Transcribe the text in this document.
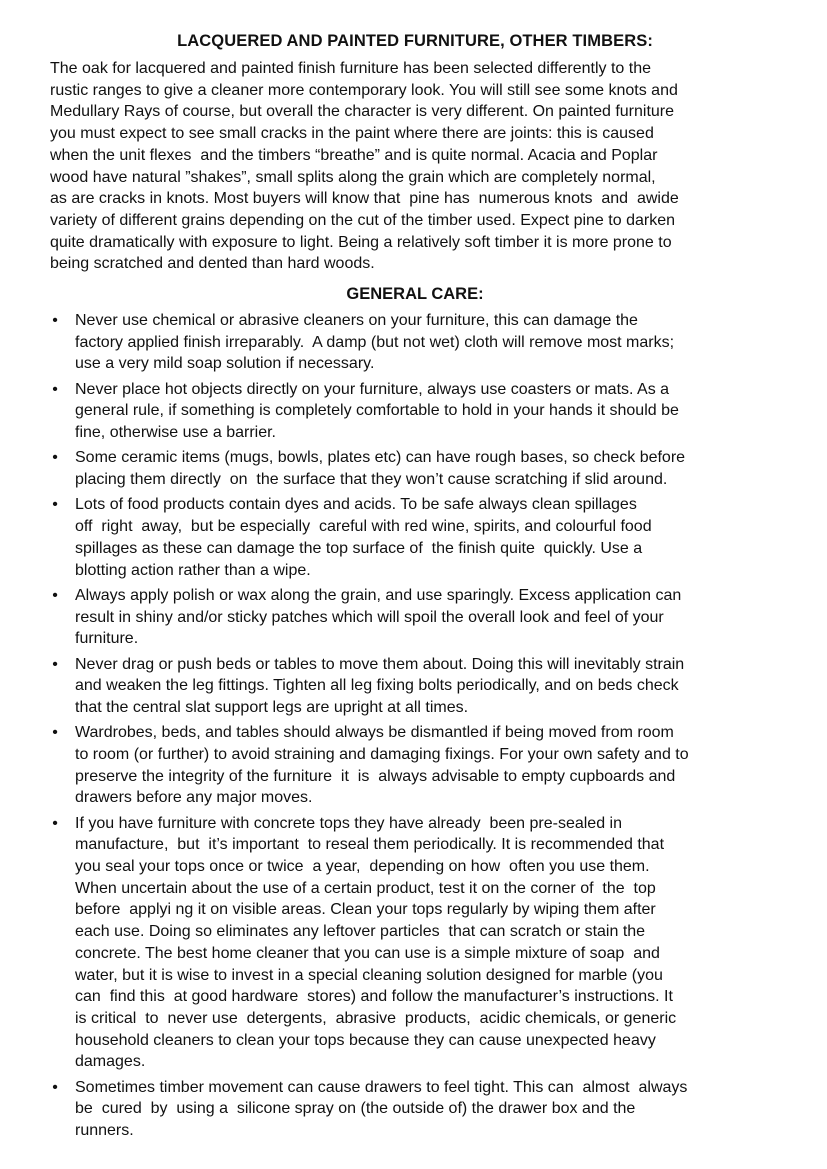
LACQUERED AND PAINTED FURNITURE, OTHER TIMBERS:

The oak for lacquered and painted finish furniture has been selected differently to the
rustic ranges to give a cleaner more contemporary look. You will still see some knots and
Medullary Rays of course, but overall the character is very different. On painted furniture
you must expect to see small cracks in the paint where there are joints: this is caused
when the unit flexes  and the timbers “breathe” and is quite normal. Acacia and Poplar
wood have natural ”shakes”, small splits along the grain which are completely normal,
as are cracks in knots. Most buyers will know that  pine has  numerous knots  and  awide
variety of different grains depending on the cut of the timber used. Expect pine to darken
quite dramatically with exposure to light. Being a relatively soft timber it is more prone to
being scratched and dented than hard woods.

GENERAL CARE:
• Never use chemical or abrasive cleaners on your furniture, this can damage the
factory applied finish irreparably.  A damp (but not wet) cloth will remove most marks;
use a very mild soap solution if necessary.
• Never place hot objects directly on your furniture, always use coasters or mats. As a
general rule, if something is completely comfortable to hold in your hands it should be
fine, otherwise use a barrier.
• Some ceramic items (mugs, bowls, plates etc) can have rough bases, so check before
placing them directly  on  the surface that they won’t cause scratching if slid around.
• Lots of food products contain dyes and acids. To be safe always clean spillages
off  right  away,  but be especially  careful with red wine, spirits, and colourful food
spillages as these can damage the top surface of  the finish quite  quickly. Use a
blotting action rather than a wipe.
• Always apply polish or wax along the grain, and use sparingly. Excess application can
result in shiny and/or sticky patches which will spoil the overall look and feel of your
furniture.
• Never drag or push beds or tables to move them about. Doing this will inevitably strain
and weaken the leg fittings. Tighten all leg fixing bolts periodically, and on beds check
that the central slat support legs are upright at all times.
• Wardrobes, beds, and tables should always be dismantled if being moved from room
to room (or further) to avoid straining and damaging fixings. For your own safety and to
preserve the integrity of the furniture  it  is  always advisable to empty cupboards and
drawers before any major moves.
• If you have furniture with concrete tops they have already  been pre-sealed in
manufacture,  but  it’s important  to reseal them periodically. It is recommended that
you seal your tops once or twice  a year,  depending on how  often you use them.
When uncertain about the use of a certain product, test it on the corner of  the  top
before  applyi ng it on visible areas. Clean your tops regularly by wiping them after
each use. Doing so eliminates any leftover particles  that can scratch or stain the
concrete. The best home cleaner that you can use is a simple mixture of soap  and
water, but it is wise to invest in a special cleaning solution designed for marble (you
can  find this  at good hardware  stores) and follow the manufacturer’s instructions. It
is critical  to  never use  detergents,  abrasive  products,  acidic chemicals, or generic
household cleaners to clean your tops because they can cause unexpected heavy
damages.
• Sometimes timber movement can cause drawers to feel tight. This can  almost  always
be  cured  by  using a  silicone spray on (the outside of) the drawer box and the
runners.
